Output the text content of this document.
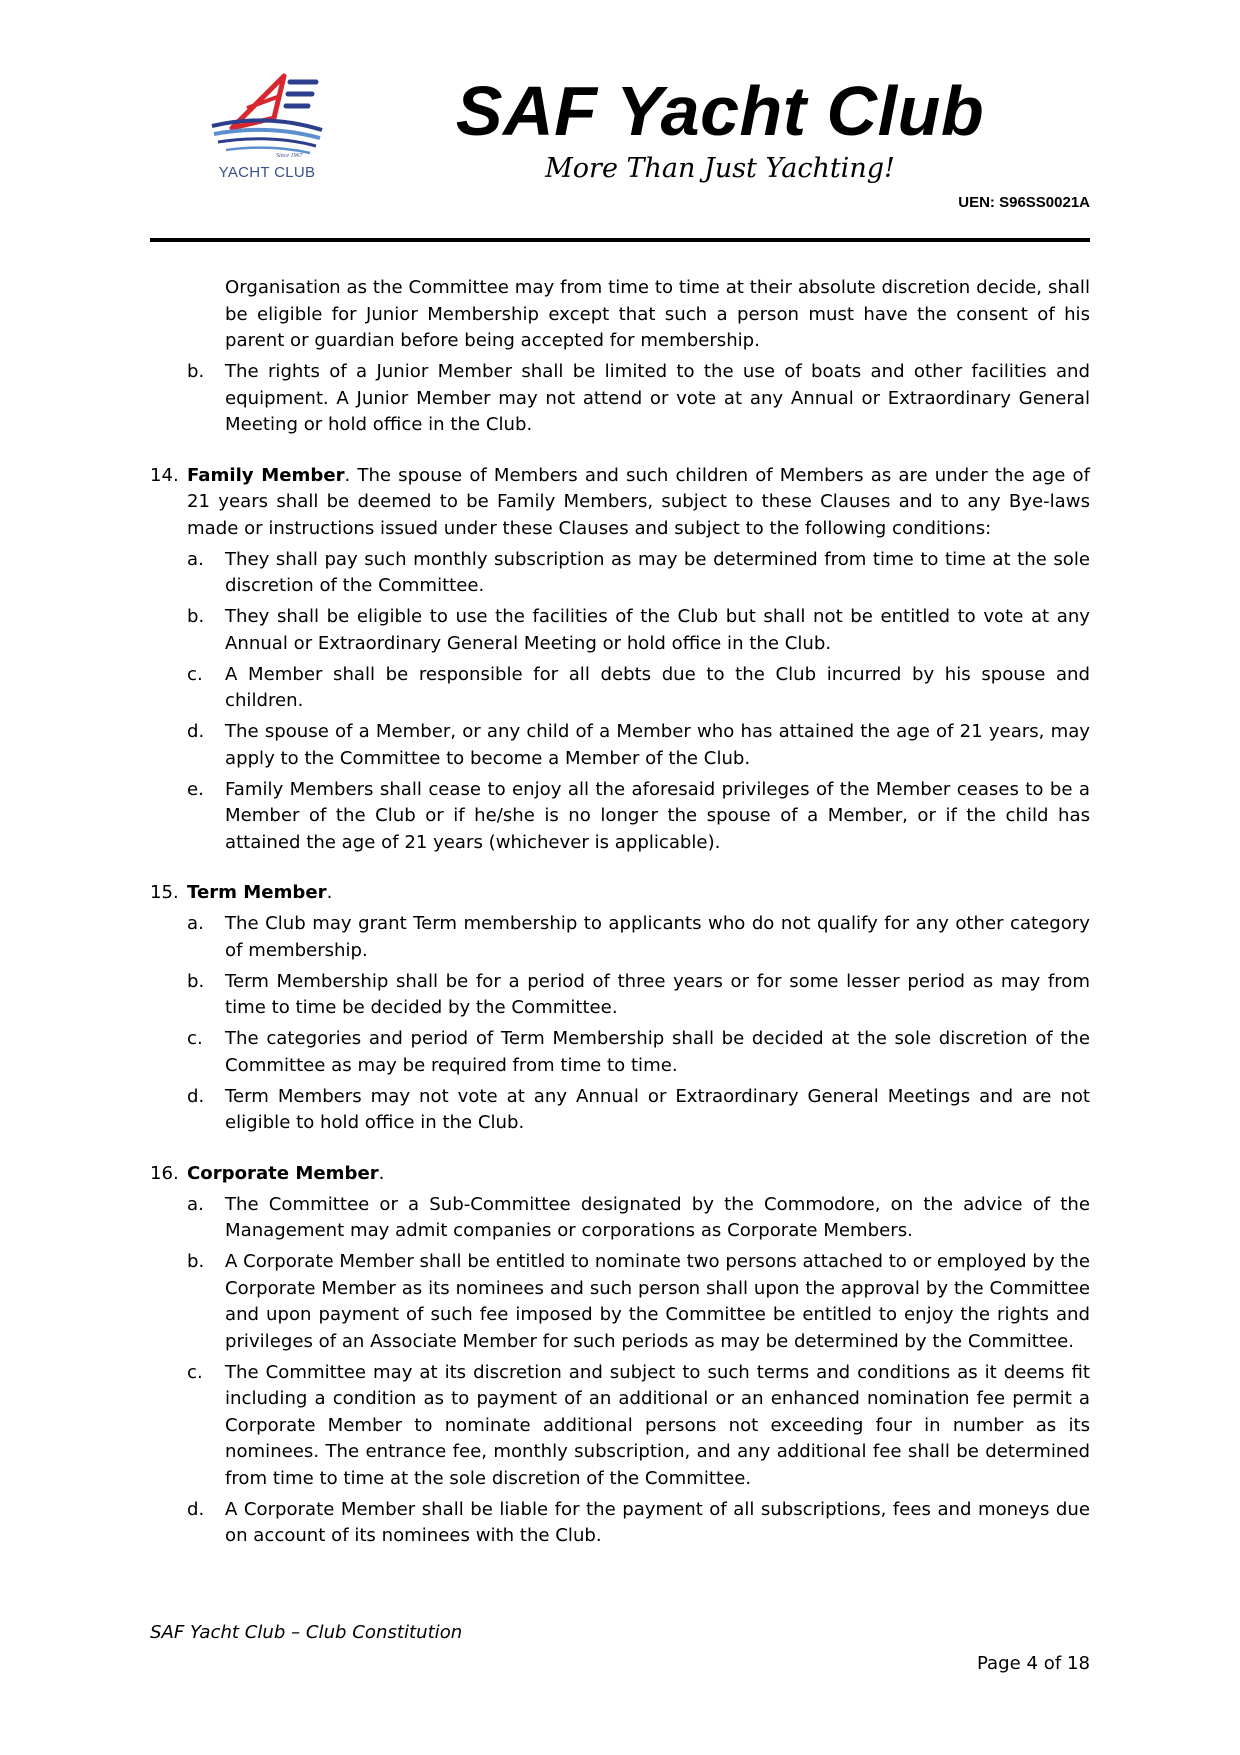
Since 1967
YACHT CLUB
SAF Yacht Club
More Than Just Yachting!
UEN: S96SS0021A
Organisation as the Committee may from time to time at their absolute discretion decide, shall be eligible for Junior Membership except that such a person must have the consent of his parent or guardian before being accepted for membership.
b.	The rights of a Junior Member shall be limited to the use of boats and other facilities and equipment. A Junior Member may not attend or vote at any Annual or Extraordinary General Meeting or hold office in the Club.
14. Family Member. The spouse of Members and such children of Members as are under the age of 21 years shall be deemed to be Family Members, subject to these Clauses and to any Bye-laws made or instructions issued under these Clauses and subject to the following conditions:
a.	They shall pay such monthly subscription as may be determined from time to time at the sole discretion of the Committee.
b.	They shall be eligible to use the facilities of the Club but shall not be entitled to vote at any Annual or Extraordinary General Meeting or hold office in the Club.
c.	A Member shall be responsible for all debts due to the Club incurred by his spouse and children.
d.	The spouse of a Member, or any child of a Member who has attained the age of 21 years, may apply to the Committee to become a Member of the Club.
e.	Family Members shall cease to enjoy all the aforesaid privileges of the Member ceases to be a Member of the Club or if he/she is no longer the spouse of a Member, or if the child has attained the age of 21 years (whichever is applicable).
15. Term Member.
a.	The Club may grant Term membership to applicants who do not qualify for any other category of membership.
b.	Term Membership shall be for a period of three years or for some lesser period as may from time to time be decided by the Committee.
c.	The categories and period of Term Membership shall be decided at the sole discretion of the Committee as may be required from time to time.
d.	Term Members may not vote at any Annual or Extraordinary General Meetings and are not eligible to hold office in the Club.
16. Corporate Member.
a.	The Committee or a Sub-Committee designated by the Commodore, on the advice of the Management may admit companies or corporations as Corporate Members.
b.	A Corporate Member shall be entitled to nominate two persons attached to or employed by the Corporate Member as its nominees and such person shall upon the approval by the Committee and upon payment of such fee imposed by the Committee be entitled to enjoy the rights and privileges of an Associate Member for such periods as may be determined by the Committee.
c.	The Committee may at its discretion and subject to such terms and conditions as it deems fit including a condition as to payment of an additional or an enhanced nomination fee permit a Corporate Member to nominate additional persons not exceeding four in number as its nominees. The entrance fee, monthly subscription, and any additional fee shall be determined from time to time at the sole discretion of the Committee.
d.	A Corporate Member shall be liable for the payment of all subscriptions, fees and moneys due on account of its nominees with the Club.
SAF Yacht Club – Club Constitution
Page 4 of 18
